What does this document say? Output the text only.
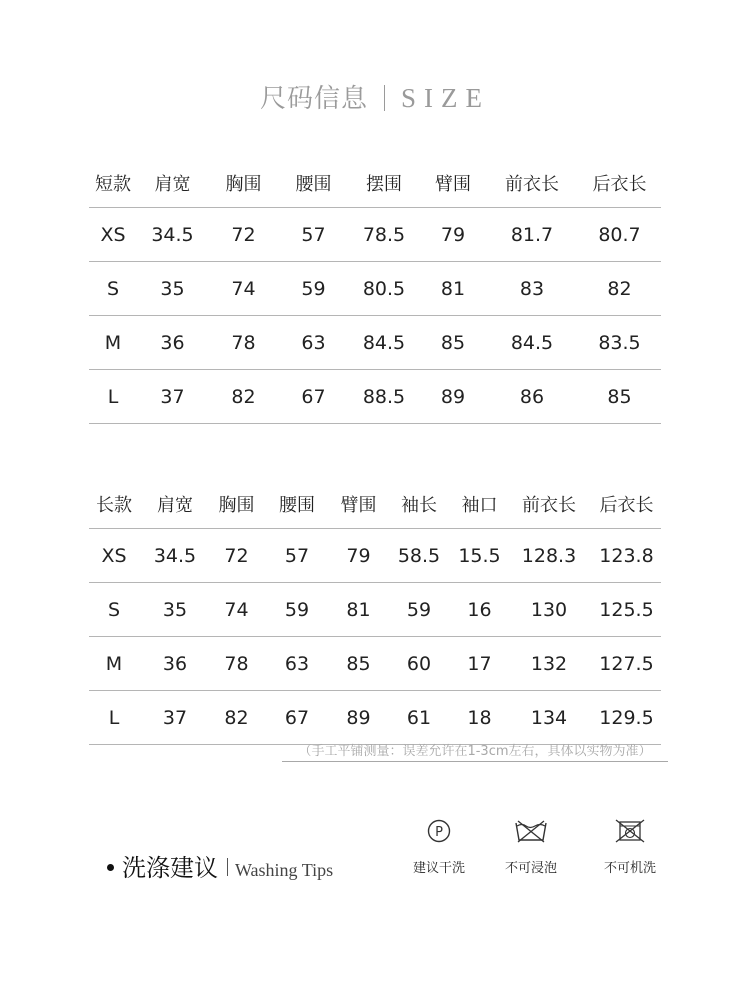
尺码信息 SIZE
短款	肩宽	胸围	腰围	摆围	臂围	前衣长	后衣长
XS	34.5	72	57	78.5	79	81.7	80.7
S	35	74	59	80.5	81	83	82
M	36	78	63	84.5	85	84.5	83.5
L	37	82	67	88.5	89	86	85
长款	肩宽	胸围	腰围	臂围	袖长	袖口	前衣长	后衣长
XS	34.5	72	57	79	58.5	15.5	128.3	123.8
S	35	74	59	81	59	16	130	125.5
M	36	78	63	85	60	17	132	127.5
L	37	82	67	89	61	18	134	129.5
（手工平铺测量：误差允许在1-3cm左右，具体以实物为准）
洗涤建议 Washing Tips
P
建议干洗	不可浸泡	不可机洗
